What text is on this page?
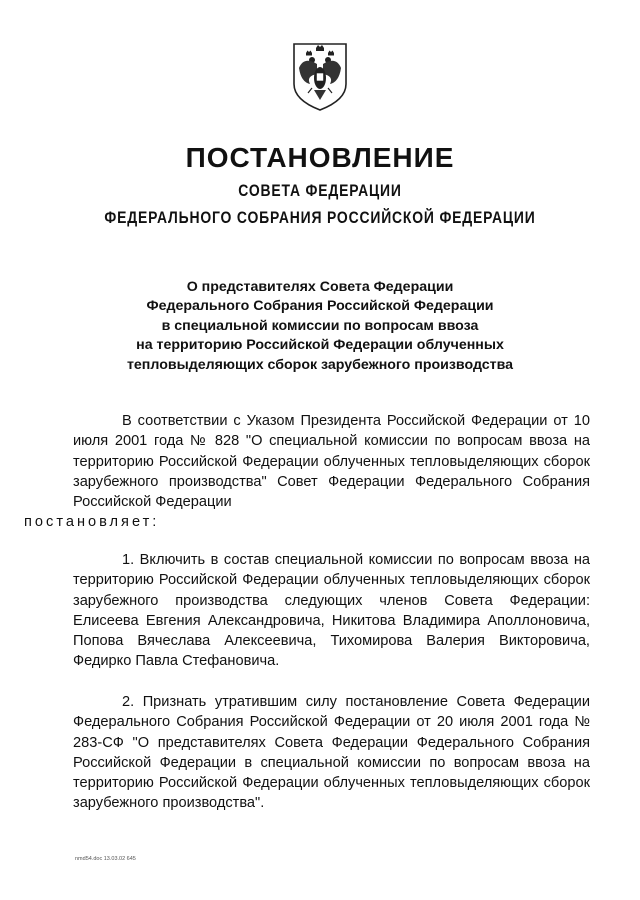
ПОСТАНОВЛЕНИЕ
СОВЕТА ФЕДЕРАЦИИ
ФЕДЕРАЛЬНОГО СОБРАНИЯ РОССИЙСКОЙ ФЕДЕРАЦИИ
О представителях Совета Федерации
Федерального Собрания Российской Федерации
в специальной комиссии по вопросам ввоза
на территорию Российской Федерации облученных
тепловыделяющих сборок зарубежного производства
В соответствии с Указом Президента Российской Федерации от 10 июля 2001 года № 828 "О специальной комиссии по вопросам ввоза на территорию Российской Федерации облученных тепловыделяющих сборок зарубежного производства" Совет Федерации Федерального Собрания Российской Федерации
постановляет:
1. Включить в состав специальной комиссии по вопросам ввоза на территорию Российской Федерации облученных тепловыделяющих сборок зарубежного производства следующих членов Совета Федерации: Елисеева Евгения Александровича, Никитова Владимира Аполлоновича, Попова Вячеслава Алексеевича, Тихомирова Валерия Викторовича, Федирко Павла Стефановича.
2. Признать утратившим силу постановление Совета Федерации Федерального Собрания Российской Федерации от 20 июля 2001 года № 283-СФ "О представителях Совета Федерации Федерального Собрания Российской Федерации в специальной комиссии по вопросам ввоза на территорию Российской Федерации облученных тепловыделяющих сборок зарубежного производства".
nmd54.doc 13.03.02 645
